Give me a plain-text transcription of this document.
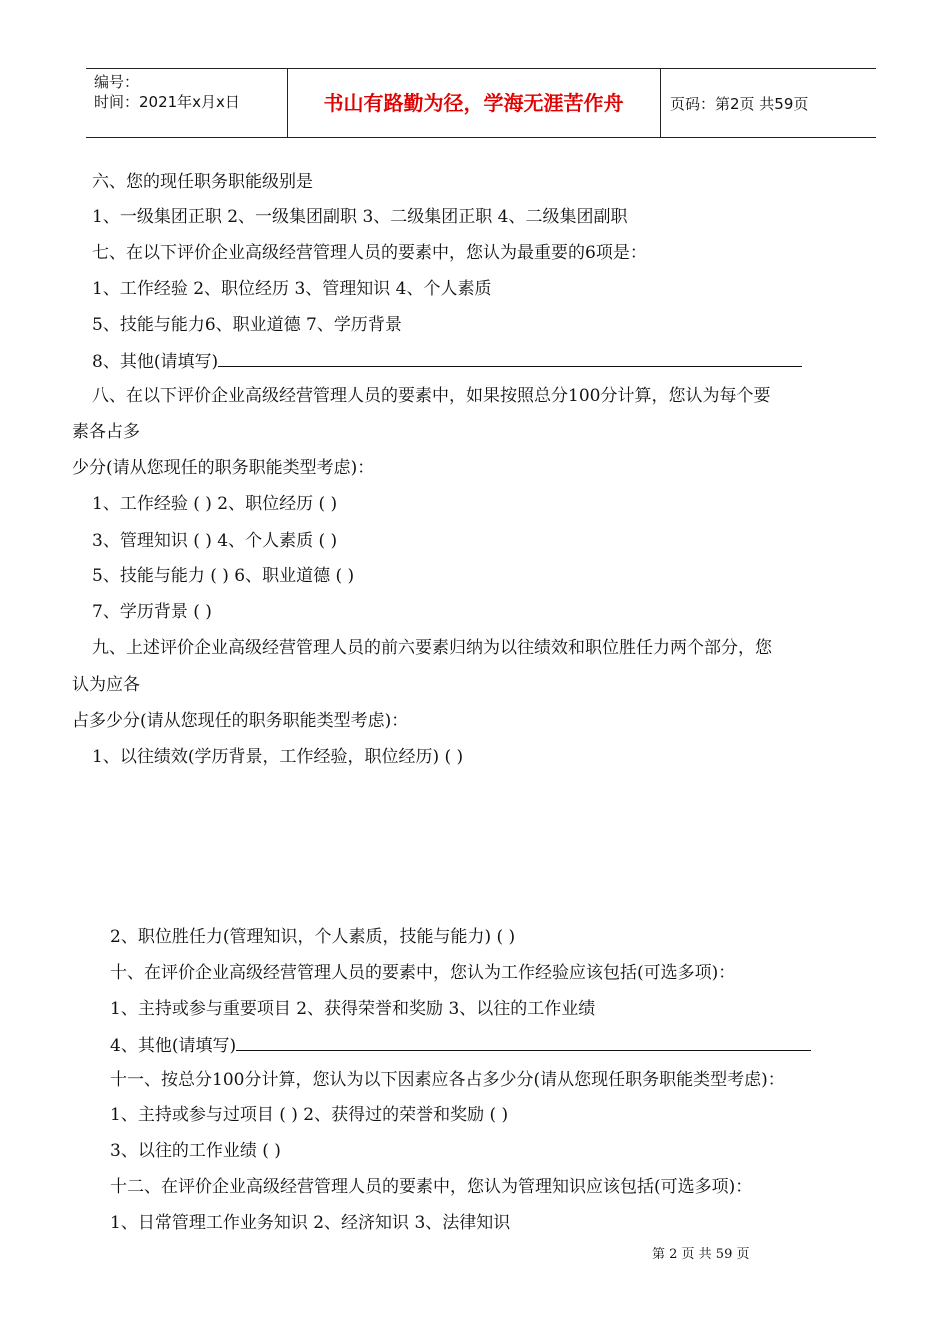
编号：
时间：2021年x月x日	书山有路勤为径，学海无涯苦作舟	页码：第2页 共59页
六、您的现任职务职能级别是
1、一级集团正职 2、一级集团副职 3、二级集团正职 4、二级集团副职
七、在以下评价企业高级经营管理人员的要素中，您认为最重要的6项是：
1、工作经验 2、职位经历 3、管理知识 4、个人素质
5、技能与能力6、职业道德 7、学历背景
8、其他(请填写)
八、在以下评价企业高级经营管理人员的要素中，如果按照总分100分计算，您认为每个要
素各占多
少分(请从您现任的职务职能类型考虑)：
1、工作经验 ( ) 2、职位经历 ( )
3、管理知识 ( ) 4、个人素质 ( )
5、技能与能力 ( ) 6、职业道德 ( )
7、学历背景 ( )
九、上述评价企业高级经营管理人员的前六要素归纳为以往绩效和职位胜任力两个部分，您
认为应各
占多少分(请从您现任的职务职能类型考虑)：
1、以往绩效(学历背景，工作经验，职位经历) ( )
2、职位胜任力(管理知识，个人素质，技能与能力) ( )
十、在评价企业高级经营管理人员的要素中，您认为工作经验应该包括(可选多项)：
1、主持或参与重要项目 2、获得荣誉和奖励 3、以往的工作业绩
4、其他(请填写)
十一、按总分100分计算，您认为以下因素应各占多少分(请从您现任职务职能类型考虑)：
1、主持或参与过项目 ( ) 2、获得过的荣誉和奖励 ( )
3、以往的工作业绩 ( )
十二、在评价企业高级经营管理人员的要素中，您认为管理知识应该包括(可选多项)：
1、日常管理工作业务知识 2、经济知识 3、法律知识
第 2 页 共 59 页
